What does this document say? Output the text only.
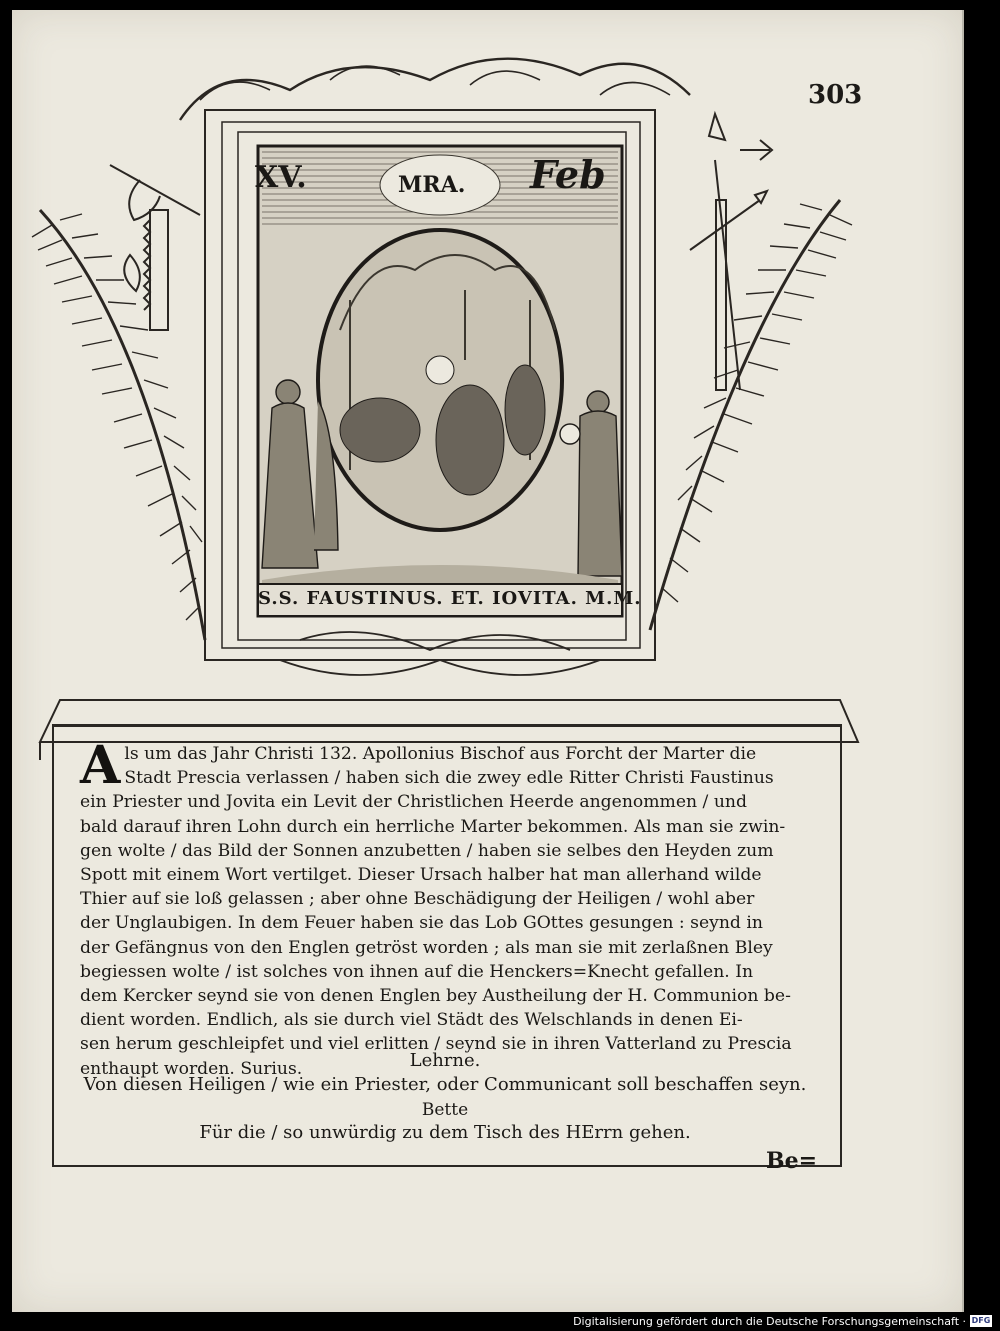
303
XV.	MRA. Feb
S.S. FAUSTINUS. ET. IOVITA. M.M.
A ls um das Jahr Christi 132. Apollonius Bischof aus Forcht der Marter die
Stadt Prescia verlassen / haben sich die zwey edle Ritter Christi Faustinus
ein Priester und Jovita ein Levit der Christlichen Heerde angenommen / und
bald darauf ihren Lohn durch ein herrliche Marter bekommen. Als man sie zwin-
gen wolte / das Bild der Sonnen anzubetten / haben sie selbes den Heyden zum
Spott mit einem Wort vertilget. Dieser Ursach halber hat man allerhand wilde
Thier auf sie loß gelassen ; aber ohne Beschädigung der Heiligen / wohl aber
der Unglaubigen. In dem Feuer haben sie das Lob GOttes gesungen : seynd in
der Gefängnus von den Englen getröst worden ; als man sie mit zerlaßnen Bley
begiessen wolte / ist solches von ihnen auf die Henckers=Knecht gefallen. In
dem Kercker seynd sie von denen Englen bey Austheilung der H. Communion be-
dient worden. Endlich, als sie durch viel Städt des Welschlands in denen Ei-
sen herum geschleipfet und viel erlitten / seynd sie in ihren Vatterland zu Prescia
enthaupt worden. Surius.	Lehrne.
Von diesen Heiligen / wie ein Priester, oder Communicant soll beschaffen seyn.
Bette
Für die / so unwürdig zu dem Tisch des HErrn gehen.
Be=
Digitalisierung gefördert durch die Deutsche Forschungsgemeinschaft · DFG
